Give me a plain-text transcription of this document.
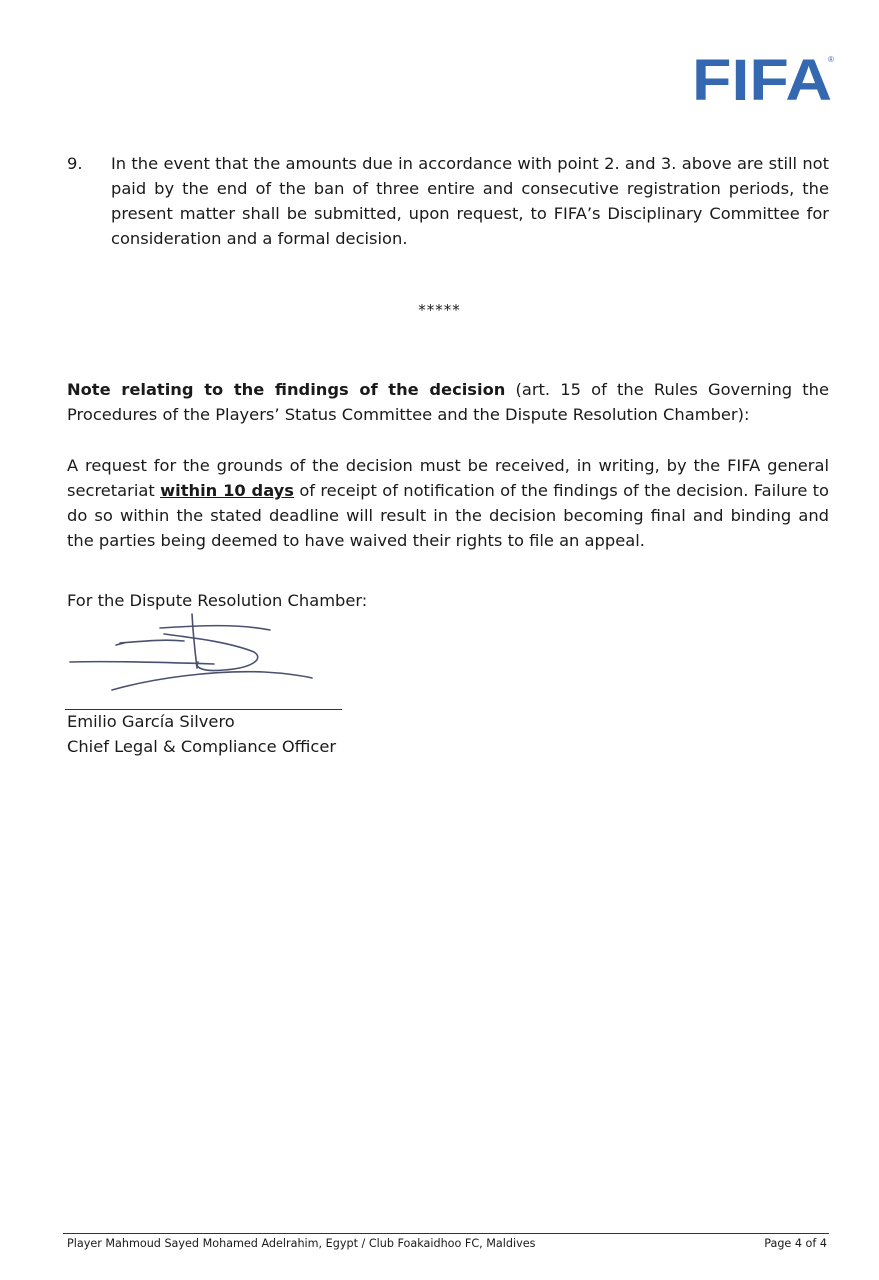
FIFA
®
9. In the event that the amounts due in accordance with point 2. and 3. above are still not paid by the end of the ban of three entire and consecutive registration periods, the present matter shall be submitted, upon request, to FIFA’s Disciplinary Committee for consideration and a formal decision.
*****
Note relating to the findings of the decision (art. 15 of the Rules Governing the Procedures of the Players’ Status Committee and the Dispute Resolution Chamber):
A request for the grounds of the decision must be received, in writing, by the FIFA general secretariat within 10 days of receipt of notification of the findings of the decision. Failure to do so within the stated deadline will result in the decision becoming final and binding and the parties being deemed to have waived their rights to file an appeal.
For the Dispute Resolution Chamber:
Emilio García Silvero
Chief Legal & Compliance Officer
Player Mahmoud Sayed Mohamed Adelrahim, Egypt / Club Foakaidhoo FC, Maldives	Page 4 of 4
